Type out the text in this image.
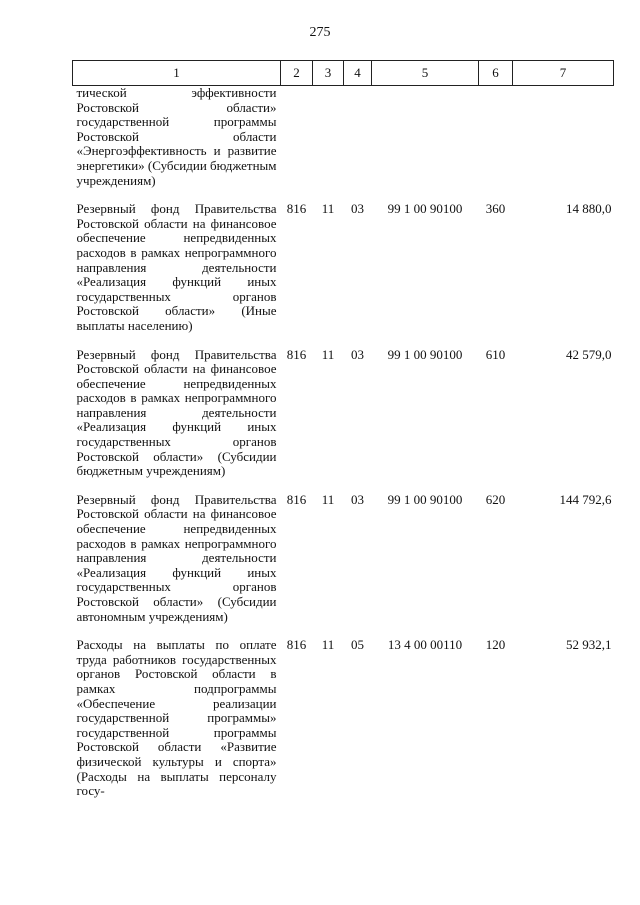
275
1	2	3	4	5	6	7
тической эффективности Ростовской области» государственной программы Ростовской области «Энергоэффективность и развитие энергетики» (Субсидии бюджетным учреждениям)						

Резервный фонд Правительства Ростовской области на финансовое обеспечение непредвиденных расходов в рамках непрограммного направления деятельности «Реализация функций иных государственных органов Ростовской области» (Иные выплаты населению)	816	11	03	99 1 00 90100	360	14 880,0

Резервный фонд Правительства Ростовской области на финансовое обеспечение непредвиденных расходов в рамках непрограммного направления деятельности «Реализация функций иных государственных органов Ростовской области» (Субсидии бюджетным учреждениям)	816	11	03	99 1 00 90100	610	42 579,0

Резервный фонд Правительства Ростовской области на финансовое обеспечение непредвиденных расходов в рамках непрограммного направления деятельности «Реализация функций иных государственных органов Ростовской области» (Субсидии автономным учреждениям)	816	11	03	99 1 00 90100	620	144 792,6

Расходы на выплаты по оплате труда работников государственных органов Ростовской области в рамках подпрограммы «Обеспечение реализации государственной программы» государственной программы Ростовской области «Развитие физической культуры и спорта» (Расходы на выплаты персоналу госу-	816	11	05	13 4 00 00110	120	52 932,1
